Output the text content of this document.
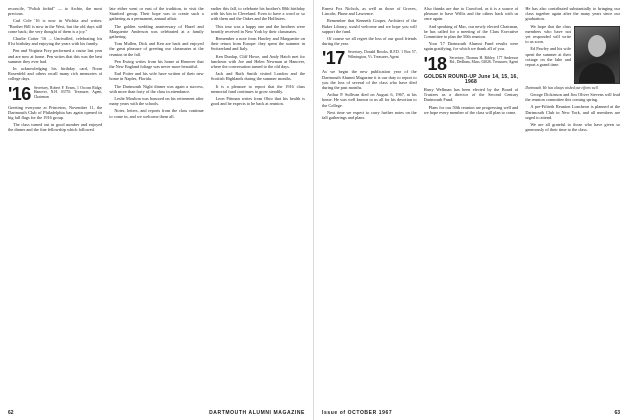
reconcile, "Polish forbid" — to Archie, the most precious.

Carl Cole '16 is now in Wichita and writes: "Brother Bill is now in the West, but the old days still come back; the very thought of them is a joy."

Charlie Cotter '16 ... Unrivalled, celebrating his 81st birthday and enjoying the years with his family.

Pen and Virginia Frey performed a cruise last year and are now at home. Pen writes that this was the best summer they ever had.

In acknowledging his birthday card, Norm Rosenfeld and others recall many rich memories of college days.

'16 Secretary, Robert F. Evans, 1 Occom Ridge, Hanover, N.H. 03755. Treasurer, Agent, Chairman

Greeting everyone at Princeton, November 11, the Dartmouth Club of Philadelphia has again opened its big fall flags for the 1916 group.

The class turned out in good number and enjoyed the dinner and the fine fellowship which followed.

late either went or east of the tradition, to visit the Stanford group. Their hope was to create such a gathering as a permanent, annual affair.

The golden wedding anniversary of Hazel and Marguerite Anderson was celebrated at a family gathering.

Tom Mullen, Dick and Ken are back and enjoyed the great pleasure of greeting our classmates at the reunion in the fall.

Pen Ewing writes from his home at Hanover that the New England foliage was never more beautiful.

Earl Potter and his wife have written of their new home in Naples, Florida.

The Dartmouth Night dinner was again a success, with more than forty of the class in attendance.

Leslie Moulton was honored on his retirement after many years with the schools.

Notes, letters, and reports from the class continue to come in, and we welcome them all.

earlier this fall, to celebrate his brother's 80th birthday with his kin in Cleveland. Even to have a word or so with them and the Oakes and the Hollisters.

This tour was a happy one and the brothers were heartily received in New York by their classmates.

Remember a note from Hawley and Marguerite on their return from Europe: they spent the summer in Switzerland and Italy.

Ken Dunlap, Cliff Howe, and Andy Hatch met for luncheon with Joe and Helen Newman at Hanover, where the conversation turned to the old days.

Jack and Ruth Smith visited London and the Scottish Highlands during the summer months.

It is a pleasure to report that the 1916 class memorial fund continues to grow steadily.

Leon Pittman writes from Ohio that his health is good and he expects to be back at reunion.

62	DARTMOUTH ALUMNI MAGAZINE

Ernest Fox Nichols, as well as those of Groves, Lincoln, Phase and Lawrence.

Remember that Kenneth Cooper, Architect of the Baker Library, would welcome and we hope you will support the fund.

Of course we all regret the loss of our good friends during the year.

'17 Secretary, Donald Brooks, R.F.D. 1 Box 57, Wilmington, Vt. Treasurer, Agent

As we begin the new publication year of the Dartmouth Alumni Magazine it is our duty to report to you the loss of several of the class who have died during the past months.

Arthur P. Sullivan died on August 6, 1967, at his home. He was well known to us all for his devotion to the College.

Next time we expect to carry further notes on the fall gatherings and plans.

Also thanks are due to Crawford, as it is a source of pleasure to have Willis and the others back with us once again.

And speaking of Mac, our newly elected Chairman, he has called for a meeting of the Class Executive Committee to plan the 50th reunion.

Your '17 Dartmouth Alumni Fund results were again gratifying, for which we thank all of you.

'18 Secretary, Thomas H. Ribley, 177 Anderson Rd., Dedham, Mass. 02026. Treasurer, Agent
GOLDEN ROUND-UP June 14, 15, 16, 1968

Harry Wellman has been elected by the Board of Trustees as a director of the Second Century Dartmouth Fund.

Plans for our 50th reunion are progressing well and we hope every member of the class will plan to come.

He has also contributed substantially to bringing our class together again after the many years since our graduation.

We hope that the class members who have not yet responded will write to us soon.

Ed Pawley and his wife spent the summer at their cottage on the lake and report a grand time.

Dartmouth. He has always wished our efforts well.

George Dickinson and Jim Oliver Stevens will lead the reunion committee this coming spring.

A pre-Fiftieth Reunion Luncheon is planned at the Dartmouth Club in New York, and all members are urged to attend.

We are all grateful to those who have given so generously of their time to the class.

Issue of OCTOBER 1967	63
